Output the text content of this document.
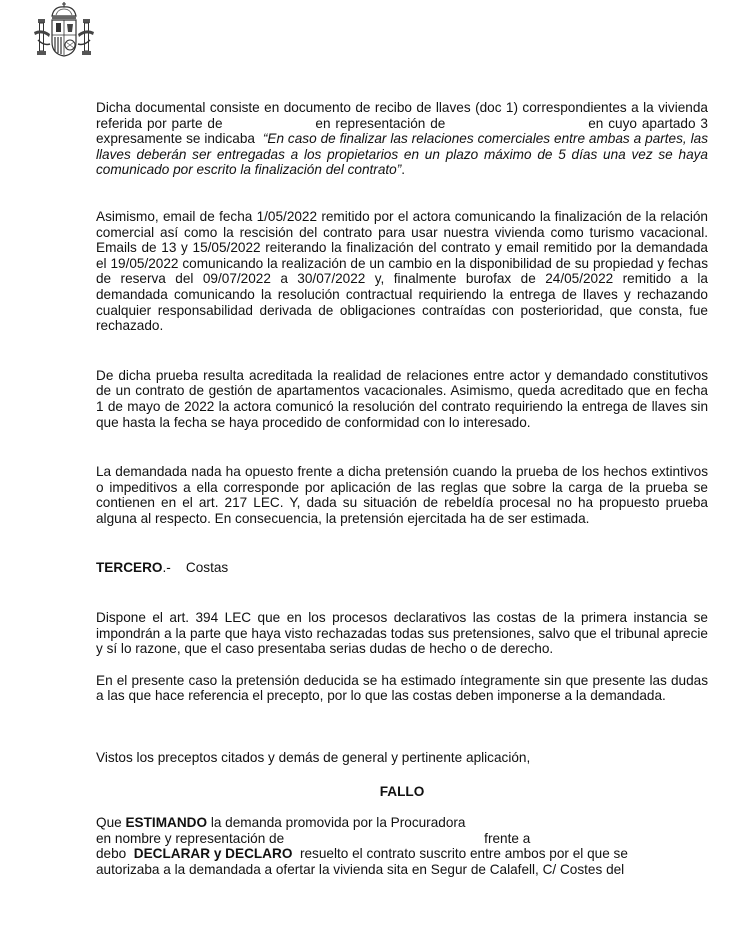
Dicha documental consiste en documento de recibo de llaves (doc 1) correspondientes a la vivienda referida por parte de	en representación de	en cuyo apartado 3 expresamente se indicaba “En caso de finalizar las relaciones comerciales entre ambas a partes, las llaves deberán ser entregadas a los propietarios en un plazo máximo de 5 días una vez se haya comunicado por escrito la finalización del contrato”.

Asimismo, email de fecha 1/05/2022 remitido por el actora comunicando la finalización de la relación comercial así como la rescisión del contrato para usar nuestra vivienda como turismo vacacional. Emails de 13 y 15/05/2022 reiterando la finalización del contrato y email remitido por la demandada el 19/05/2022 comunicando la realización de un cambio en la disponibilidad de su propiedad y fechas de reserva del 09/07/2022 a 30/07/2022 y, finalmente burofax de 24/05/2022 remitido a la demandada comunicando la resolución contractual requiriendo la entrega de llaves y rechazando cualquier responsabilidad derivada de obligaciones contraídas con posterioridad, que consta, fue rechazado.

De dicha prueba resulta acreditada la realidad de relaciones entre actor y demandado constitutivos de un contrato de gestión de apartamentos vacacionales. Asimismo, queda acreditado que en fecha 1 de mayo de 2022 la actora comunicó la resolución del contrato requiriendo la entrega de llaves sin que hasta la fecha se haya procedido de conformidad con lo interesado.

La demandada nada ha opuesto frente a dicha pretensión cuando la prueba de los hechos extintivos o impeditivos a ella corresponde por aplicación de las reglas que sobre la carga de la prueba se contienen en el art. 217 LEC. Y, dada su situación de rebeldía procesal no ha propuesto prueba alguna al respecto. En consecuencia, la pretensión ejercitada ha de ser estimada.

TERCERO.- Costas

Dispone el art. 394 LEC que en los procesos declarativos las costas de la primera instancia se impondrán a la parte que haya visto rechazadas todas sus pretensiones, salvo que el tribunal aprecie y sí lo razone, que el caso presentaba serias dudas de hecho o de derecho.

En el presente caso la pretensión deducida se ha estimado íntegramente sin que presente las dudas a las que hace referencia el precepto, por lo que las costas deben imponerse a la demandada.

Vistos los preceptos citados y demás de general y pertinente aplicación,

FALLO

Que ESTIMANDO la demanda promovida por la Procuradora

en nombre y representación de	frente a

debo  DECLARAR y DECLARO  resuelto el contrato suscrito entre ambos por el que se

autorizaba a la demandada a ofertar la vivienda sita en Segur de Calafell, C/ Costes del
